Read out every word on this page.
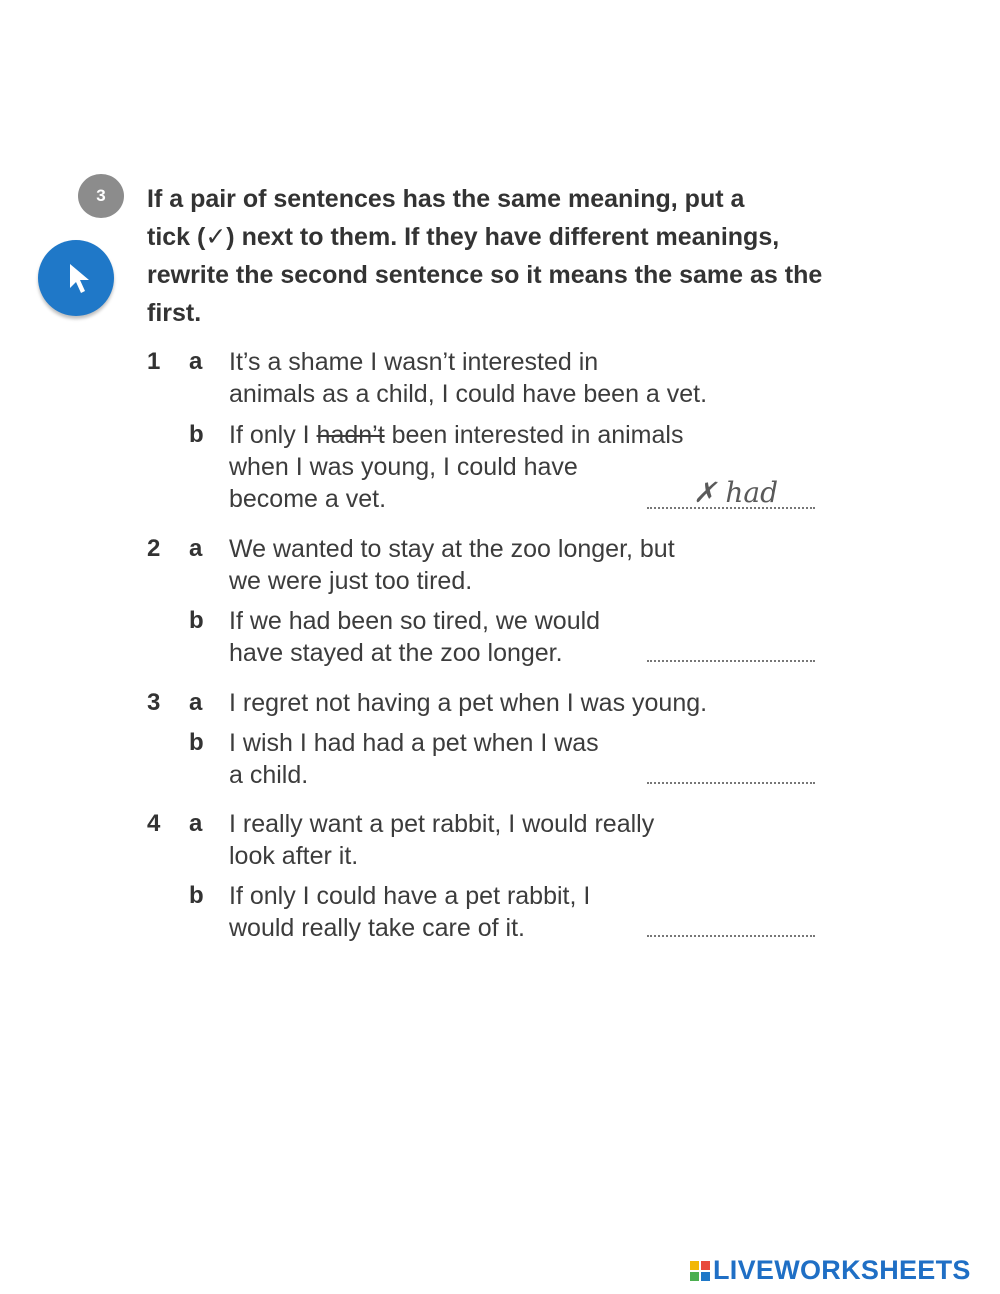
3	If a pair of sentences has the same meaning, put a
tick (✓) next to them. If they have different meanings,
rewrite the second sentence so it means the same as the
first.
1 a It’s a shame I wasn’t interested in
animals as a child, I could have been a vet.
b If only I hadn’t been interested in animals
when I was young, I could have
become a vet.
✗ had
2 a We wanted to stay at the zoo longer, but
we were just too tired.
b If we had been so tired, we would
have stayed at the zoo longer.
3 a I regret not having a pet when I was young.
b I wish I had had a pet when I was
a child.
4 a I really want a pet rabbit, I would really
look after it.
b If only I could have a pet rabbit, I
would really take care of it.
LIVEWORKSHEETS
